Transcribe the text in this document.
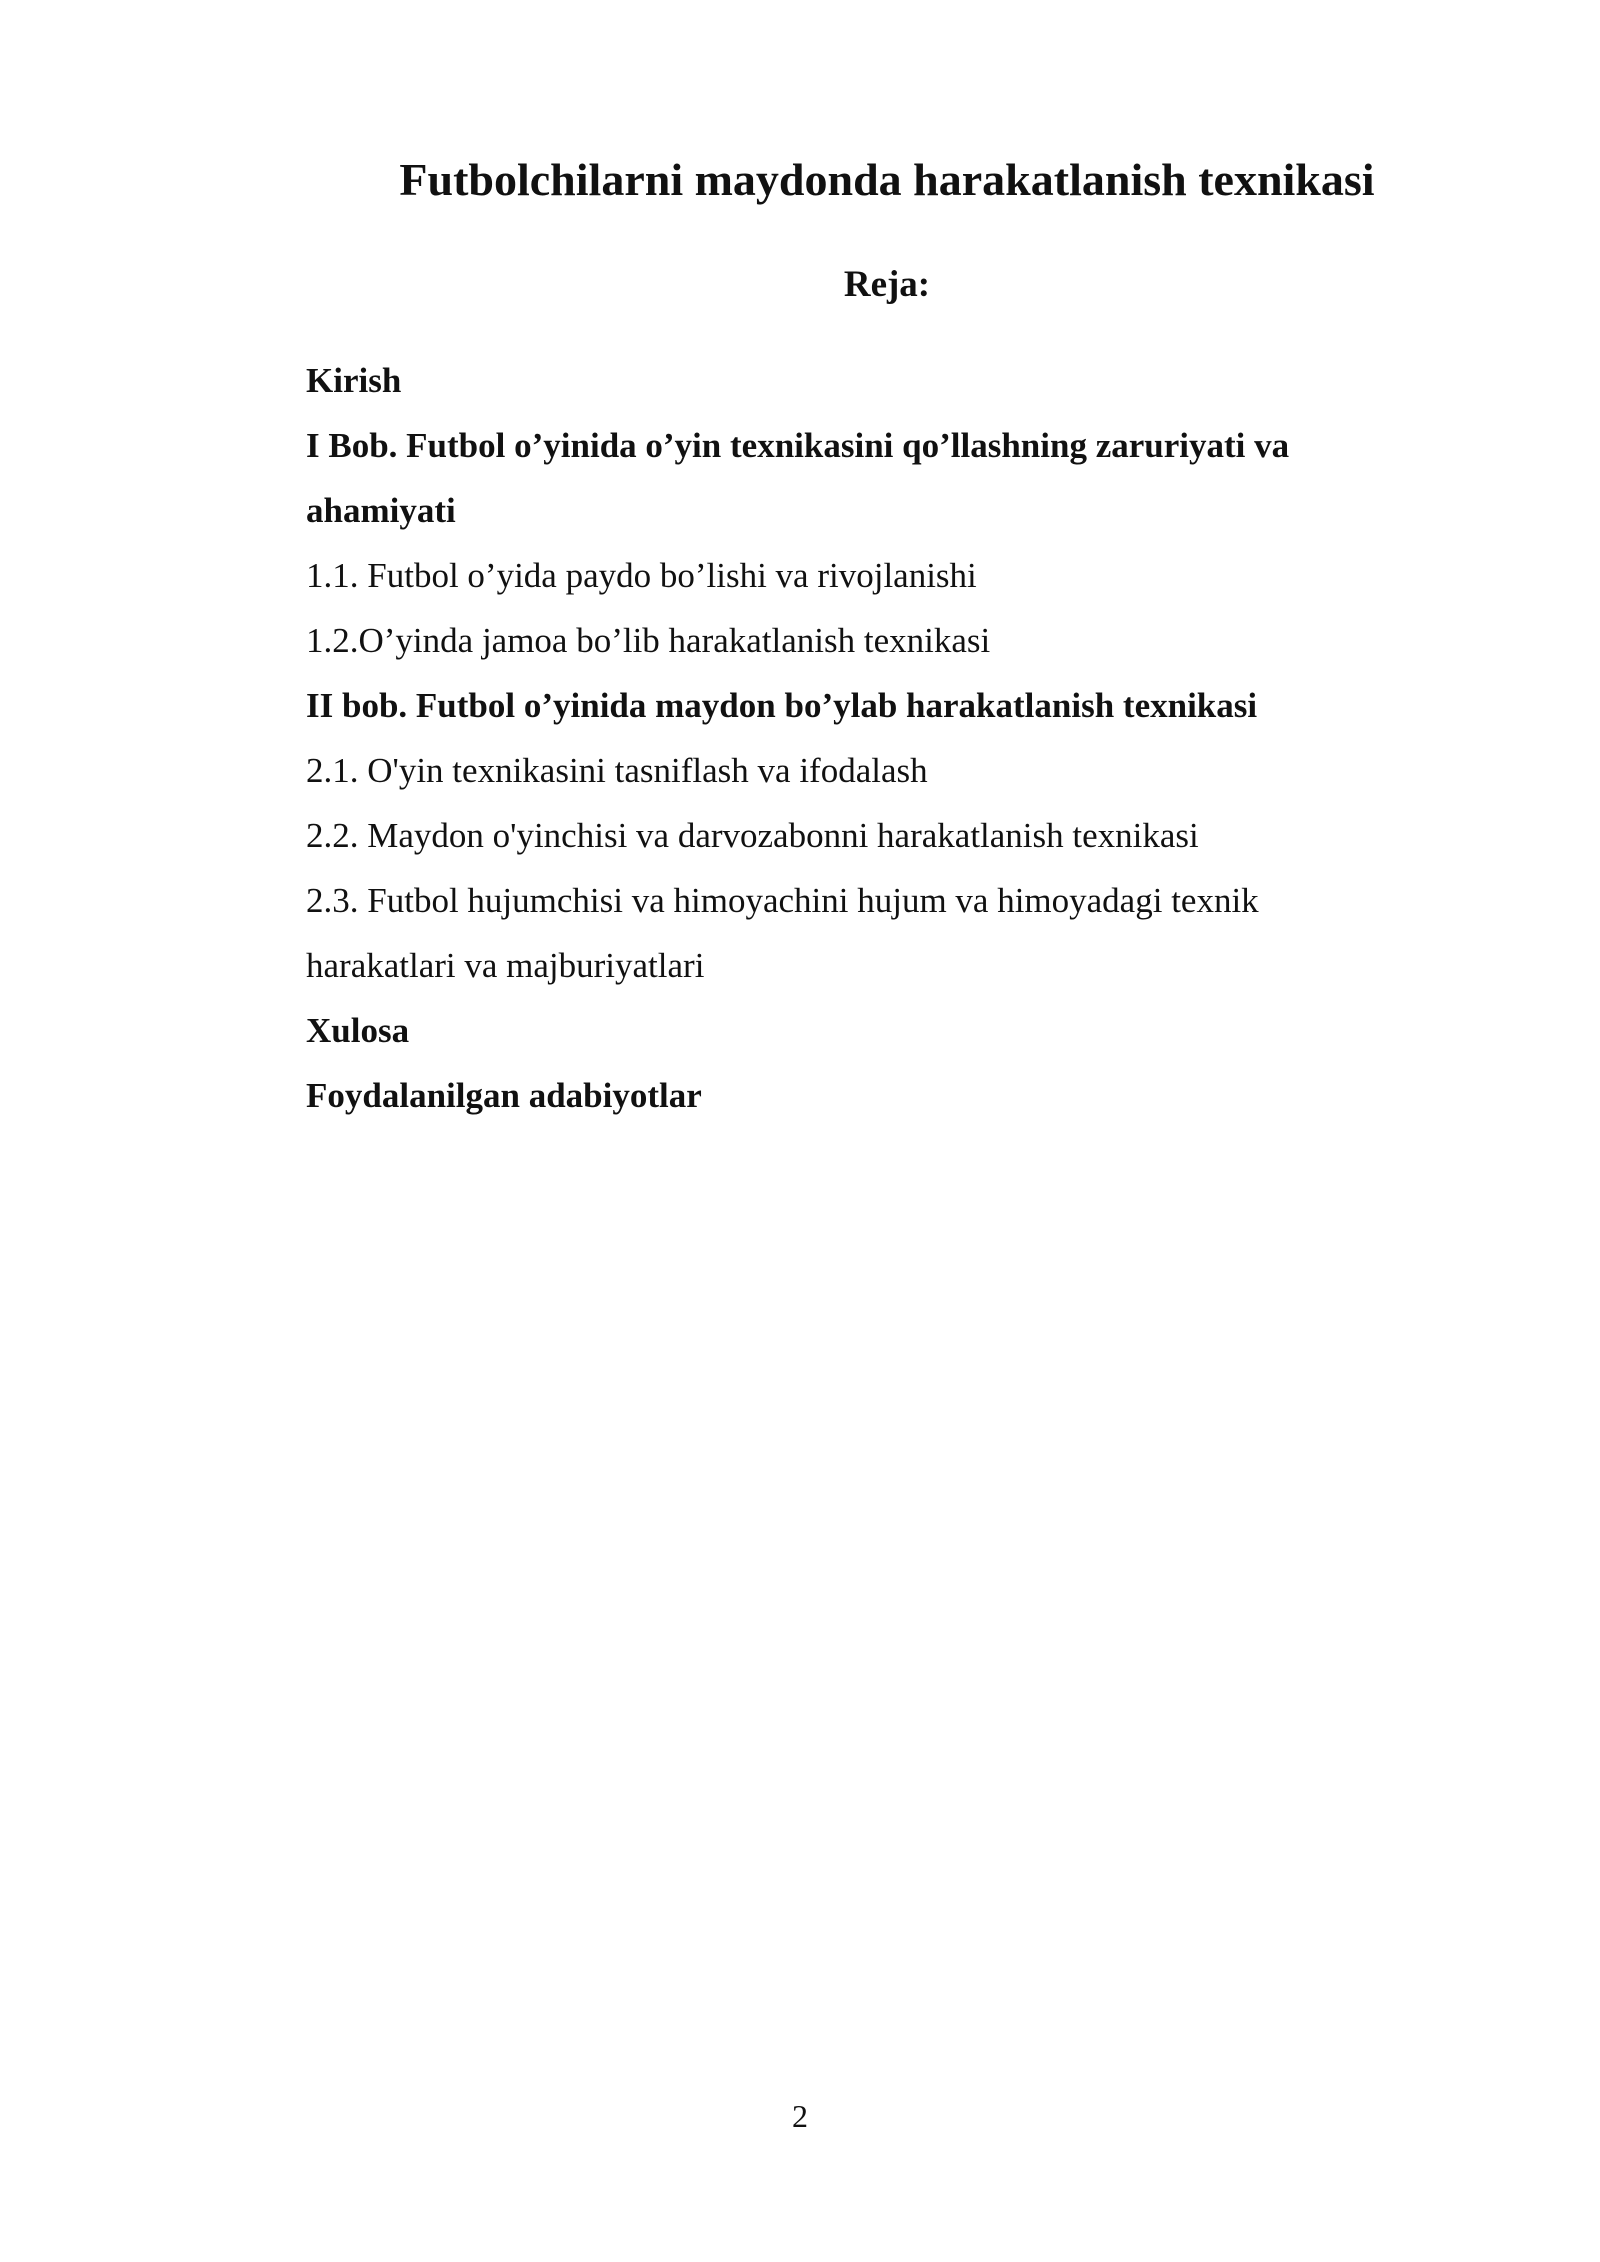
Futbolchilarni maydonda harakatlanish texnikasi
Reja:
Kirish
I Bob. Futbol o’yinida o’yin texnikasini qo’llashning zaruriyati va
ahamiyati
1.1. Futbol o’yida paydo bo’lishi va rivojlanishi
1.2.O’yinda jamoa bo’lib harakatlanish texnikasi
II bob. Futbol o’yinida maydon bo’ylab harakatlanish texnikasi
2.1. O'yin texnikasini tasniflash va ifodalash
2.2. Maydon o'yinchisi va darvozabonni harakatlanish texnikasi
2.3. Futbol hujumchisi va himoyachini hujum va himoyadagi texnik
harakatlari va majburiyatlari
Xulosa
Foydalanilgan adabiyotlar
2
